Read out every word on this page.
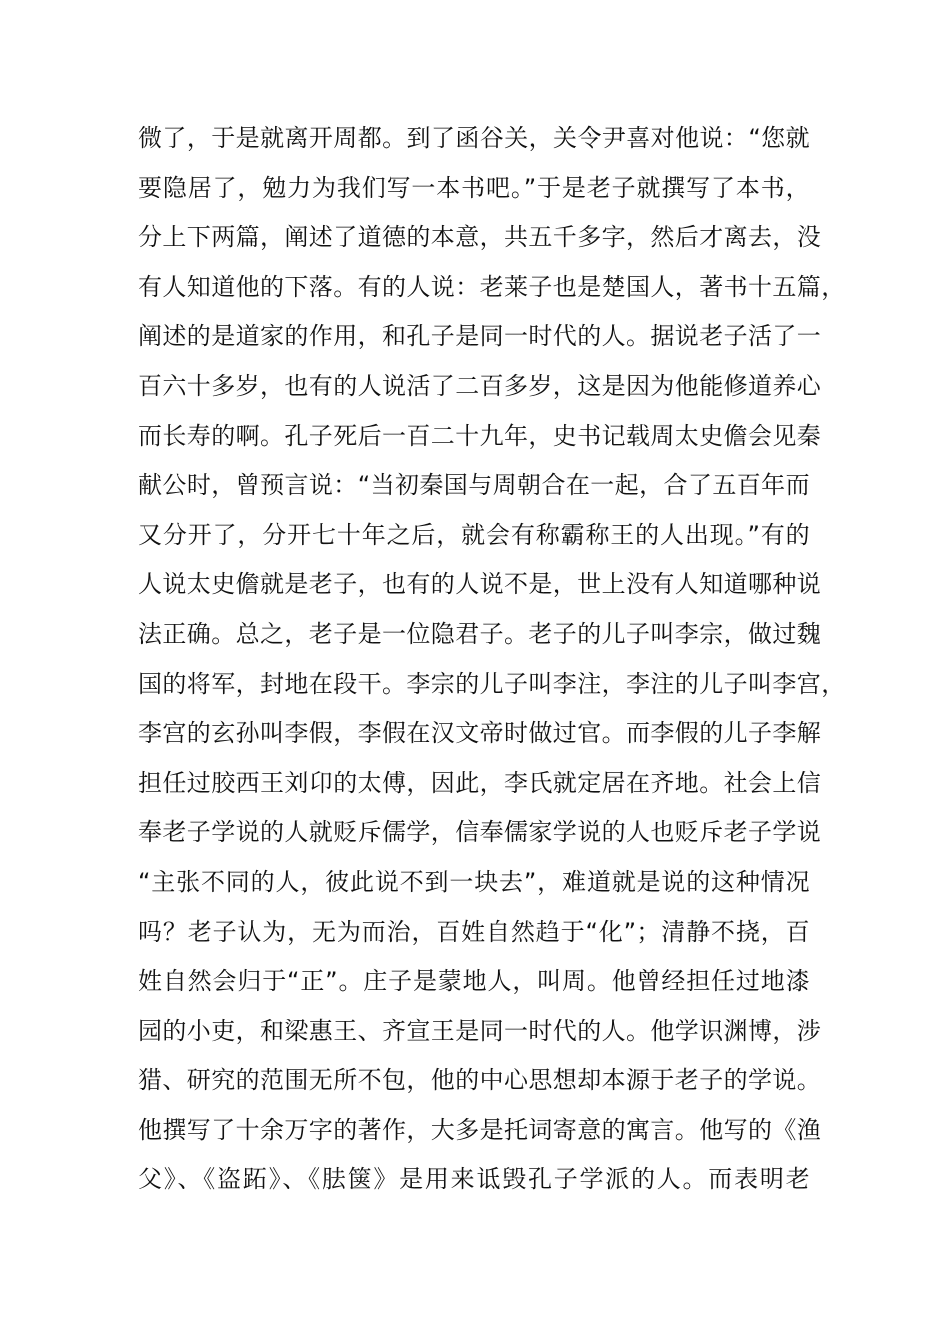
微了，于是就离开周都。到了函谷关，关令尹喜对他说：“您就
要隐居了，勉力为我们写一本书吧。”于是老子就撰写了本书，
分上下两篇，阐述了道德的本意，共五千多字，然后才离去，没
有人知道他的下落。有的人说：老莱子也是楚国人，著书十五篇，
阐述的是道家的作用，和孔子是同一时代的人。据说老子活了一
百六十多岁，也有的人说活了二百多岁，这是因为他能修道养心
而长寿的啊。孔子死后一百二十九年，史书记载周太史儋会见秦
献公时，曾预言说：“当初秦国与周朝合在一起，合了五百年而
又分开了，分开七十年之后，就会有称霸称王的人出现。”有的
人说太史儋就是老子，也有的人说不是，世上没有人知道哪种说
法正确。总之，老子是一位隐君子。老子的儿子叫李宗，做过魏
国的将军，封地在段干。李宗的儿子叫李注，李注的儿子叫李宫，
李宫的玄孙叫李假，李假在汉文帝时做过官。而李假的儿子李解
担任过胶西王刘卬的太傅，因此，李氏就定居在齐地。社会上信
奉老子学说的人就贬斥儒学，信奉儒家学说的人也贬斥老子学说
“主张不同的人，彼此说不到一块去”，难道就是说的这种情况
吗？老子认为，无为而治，百姓自然趋于“化”；清静不挠，百
姓自然会归于“正”。庄子是蒙地人，叫周。他曾经担任过地漆
园的小吏，和梁惠王、齐宣王是同一时代的人。他学识渊博，涉
猎、研究的范围无所不包，他的中心思想却本源于老子的学说。
他撰写了十余万字的著作，大多是托词寄意的寓言。他写的《渔
父》、《盗跖》、《胠箧》是用来诋毁孔子学派的人。而表明老
